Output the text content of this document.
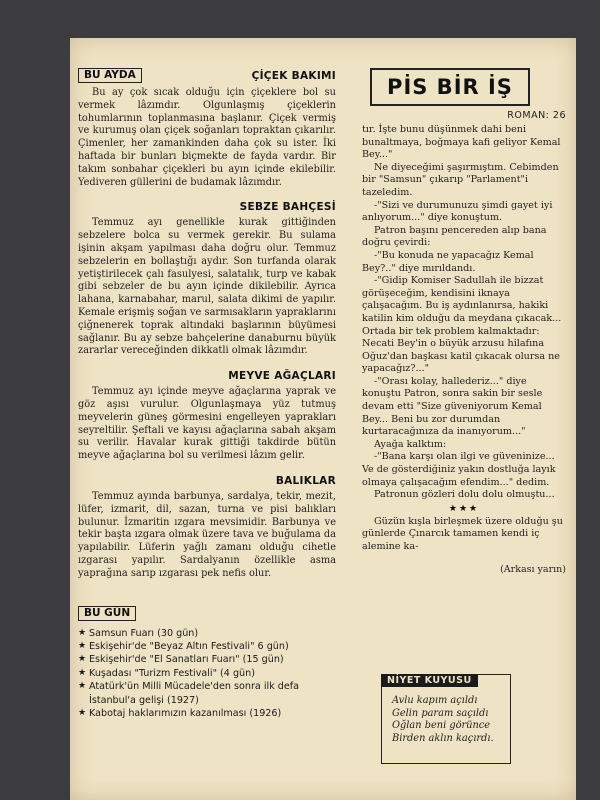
BU AYDA	ÇİÇEK BAKIMI

Bu ay çok sıcak olduğu için çiçeklere bol su vermek lâzımdır. Olgunlaşmış çiçeklerin tohumlarının toplanmasına başlanır. Çiçek vermiş ve kurumuş olan çiçek soğanları topraktan çıkarılır. Çimenler, her zamankinden daha çok su ister. İki haftada bir bunları biçmekte de fayda vardır. Bir takım sonbahar çiçekleri bu ayın içinde ekilebilir. Yediveren güllerini de budamak lâzımdır.

SEBZE BAHÇESİ

Temmuz ayı genellikle kurak gittiğinden sebzelere bolca su vermek gerekir. Bu sulama işinin akşam yapılması daha doğru olur. Temmuz sebzelerin en bollaştığı aydır. Son turfanda olarak yetiştirilecek çalı fasulyesi, salatalık, turp ve kabak gibi sebzeler de bu ayın içinde dikilebilir. Ayrıca lahana, karnabahar, marul, salata dikimi de yapılır. Kemale erişmiş soğan ve sarmısakların yapraklarını çiğnenerek toprak altındaki başlarının büyümesi sağlanır. Bu ay sebze bahçelerine danaburnu büyük zararlar vereceğinden dikkatli olmak lâzımdır.

MEYVE AĞAÇLARI

Temmuz ayı içinde meyve ağaçlarına yaprak ve göz aşısı vurulur. Olgunlaşmaya yüz tutmuş meyvelerin güneş görmesini engelleyen yaprakları seyreltilir. Şeftali ve kayısı ağaçlarına sabah akşam su verilir. Havalar kurak gittiği takdirde bütün meyve ağaçlarına bol su verilmesi lâzım gelir.

BALIKLAR

Temmuz ayında barbunya, sardalya, tekir, mezit, lüfer, izmarit, dil, sazan, turna ve pisi balıkları bulunur. İzmaritin ızgara mevsimidir. Barbunya ve tekir başta ızgara olmak üzere tava ve buğulama da yapılabilir. Lüferin yağlı zamanı olduğu cihetle ızgarası yapılır. Sardalyanın özellikle asma yaprağına sarıp ızgarası pek nefis olur.

BU GÜN
★ Samsun Fuarı (30 gün)
★ Eskişehir'de "Beyaz Altın Festivali" 6 gün)
★ Eskişehir'de "El Sanatları Fuarı" (15 gün)
★ Kuşadası "Turizm Festivali" (4 gün)
★ Atatürk'ün Milli Mücadele'den sonra ilk defa İstanbul'a gelişi (1927)
★ Kabotaj haklarımızın kazanılması (1926)
PİS BİR İŞ

ROMAN: 26

tır. İşte bunu düşünmek dahi beni bunaltmaya, boğmaya kafi geliyor Kemal Bey..."

Ne diyeceğimi şaşırmıştım. Cebimden bir "Samsun" çıkarıp "Parlament"i tazeledim.

-"Sizi ve durumunuzu şimdi gayet iyi anlıyorum..." diye konuştum.

Patron başını pencereden alıp bana doğru çevirdi:

-"Bu konuda ne yapacağız Kemal Bey?.." diye mırıldandı.

-"Gidip Komiser Sadullah ile bizzat görüşeceğim, kendisini iknaya çalışacağım. Bu iş aydınlanırsa, hakiki katilin kim olduğu da meydana çıkacak... Ortada bir tek problem kalmaktadır: Necati Bey'in o büyük arzusu hilafına Oğuz'dan başkası katil çıkacak olursa ne yapacağız?..."

-"Orası kolay, hallederiz..." diye konuştu Patron, sonra sakin bir sesle devam etti "Size güveniyorum Kemal Bey... Beni bu zor durumdan kurtaracağınıza da inanıyorum..."

Ayağa kalktım:

-"Bana karşı olan ilgi ve güveninize... Ve de gösterdiğiniz yakın dostluğa layık olmaya çalışacağım efendim..." dedim.

Patronun gözleri dolu dolu olmuştu...

★★★

Güzün kışla birleşmek üzere olduğu şu günlerde Çınarcık tamamen kendi iç alemine ka-

(Arkası yarın)

NİYET KUYUSU
Avlu kapım açıldı
Gelin param saçıldı
Oğlan beni görünce
Birden aklın kaçırdı.
